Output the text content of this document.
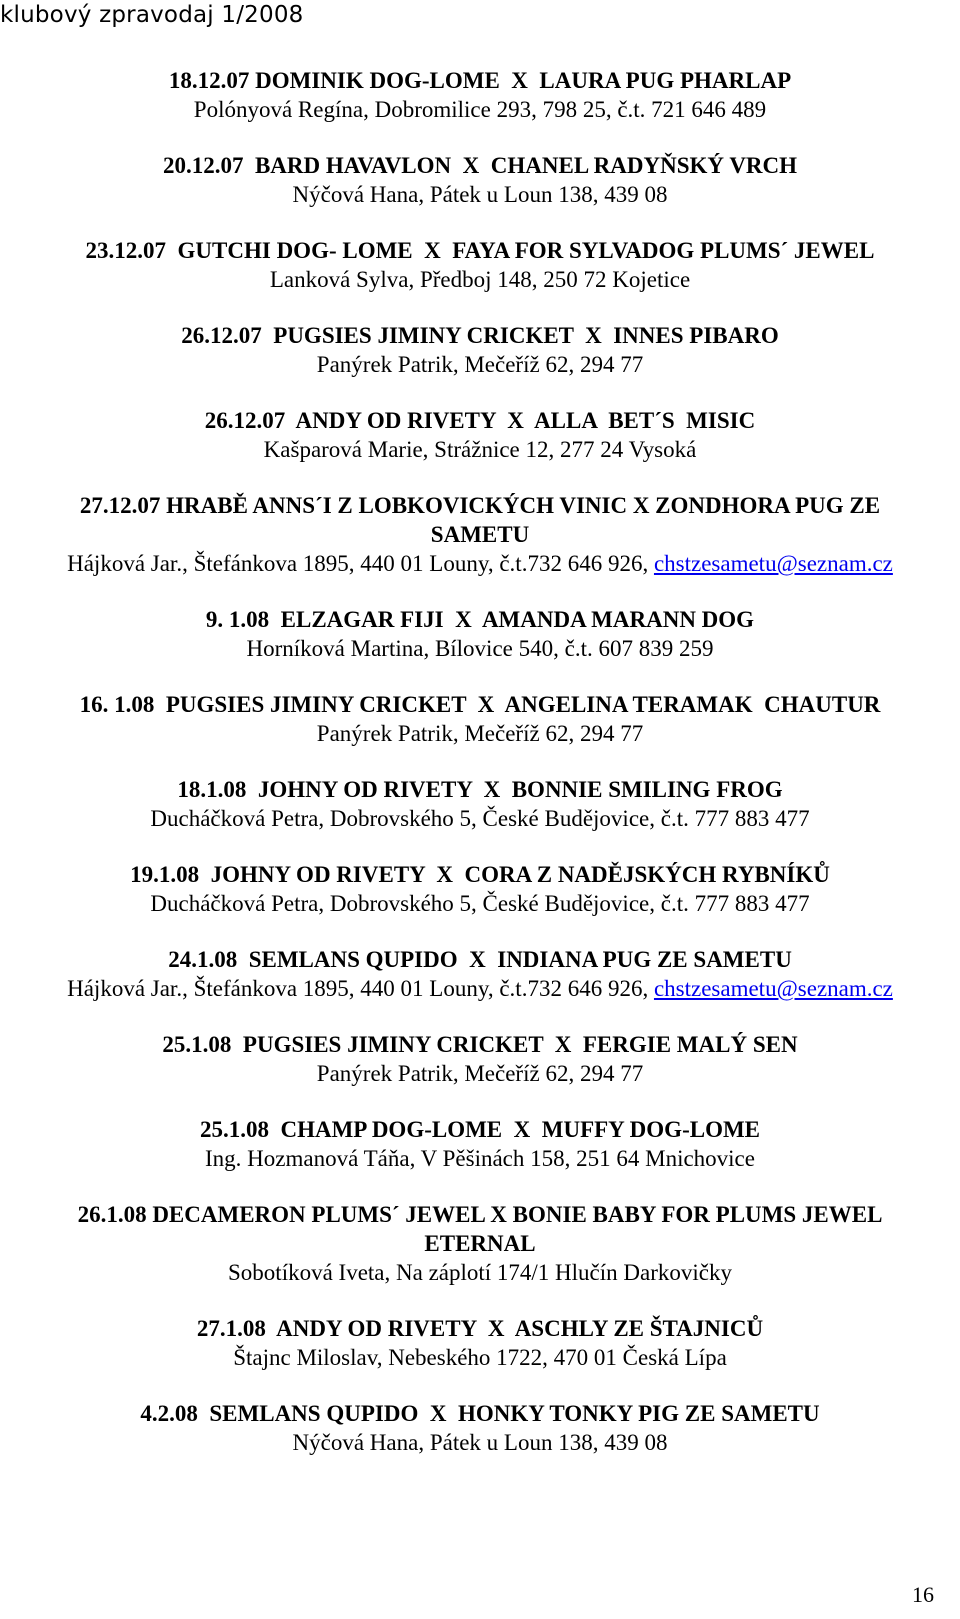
klubový zpravodaj 1/2008
18.12.07 DOMINIK DOG-LOME  X  LAURA PUG PHARLAP
Polónyová Regína, Dobromilice 293, 798 25, č.t. 721 646 489
20.12.07  BARD HAVAVLON  X  CHANEL RADYŇSKÝ VRCH
Nýčová Hana, Pátek u Loun 138, 439 08
23.12.07  GUTCHI DOG- LOME  X  FAYA FOR SYLVADOG PLUMS´ JEWEL
Lanková Sylva, Předboj 148, 250 72 Kojetice
26.12.07  PUGSIES JIMINY CRICKET  X  INNES PIBARO
Panýrek Patrik, Mečeříž 62, 294 77
26.12.07  ANDY OD RIVETY  X  ALLA  BET´S  MISIC
Kašparová Marie, Strážnice 12, 277 24 Vysoká
27.12.07 HRABĚ ANNS´I Z LOBKOVICKÝCH VINIC X ZONDHORA PUG ZE SAMETU
Hájková Jar., Štefánkova 1895, 440 01 Louny, č.t.732 646 926, chstzesametu@seznam.cz
9. 1.08  ELZAGAR FIJI  X  AMANDA MARANN DOG
Horníková Martina, Bílovice 540, č.t. 607 839 259
16. 1.08  PUGSIES JIMINY CRICKET  X  ANGELINA TERAMAK  CHAUTUR
Panýrek Patrik, Mečeříž 62, 294 77
18.1.08  JOHNY OD RIVETY  X  BONNIE SMILING FROG
Ducháčková Petra, Dobrovského 5, České Budějovice, č.t. 777 883 477
19.1.08  JOHNY OD RIVETY  X  CORA Z NADĚJSKÝCH RYBNÍKŮ
Ducháčková Petra, Dobrovského 5, České Budějovice, č.t. 777 883 477
24.1.08  SEMLANS QUPIDO  X  INDIANA PUG ZE SAMETU
Hájková Jar., Štefánkova 1895, 440 01 Louny, č.t.732 646 926, chstzesametu@seznam.cz
25.1.08  PUGSIES JIMINY CRICKET  X  FERGIE MALÝ SEN
Panýrek Patrik, Mečeříž 62, 294 77
25.1.08  CHAMP DOG-LOME  X  MUFFY DOG-LOME
Ing. Hozmanová Táňa, V Pěšinách 158, 251 64 Mnichovice
26.1.08 DECAMERON PLUMS´ JEWEL X BONIE BABY FOR PLUMS JEWEL ETERNAL
Sobotíková Iveta, Na záplotí 174/1 Hlučín Darkovičky
27.1.08  ANDY OD RIVETY  X  ASCHLY ZE ŠTAJNICŮ
Štajnc Miloslav, Nebeského 1722, 470 01 Česká Lípa
4.2.08  SEMLANS QUPIDO  X  HONKY TONKY PIG ZE SAMETU
Nýčová Hana, Pátek u Loun 138, 439 08
16
